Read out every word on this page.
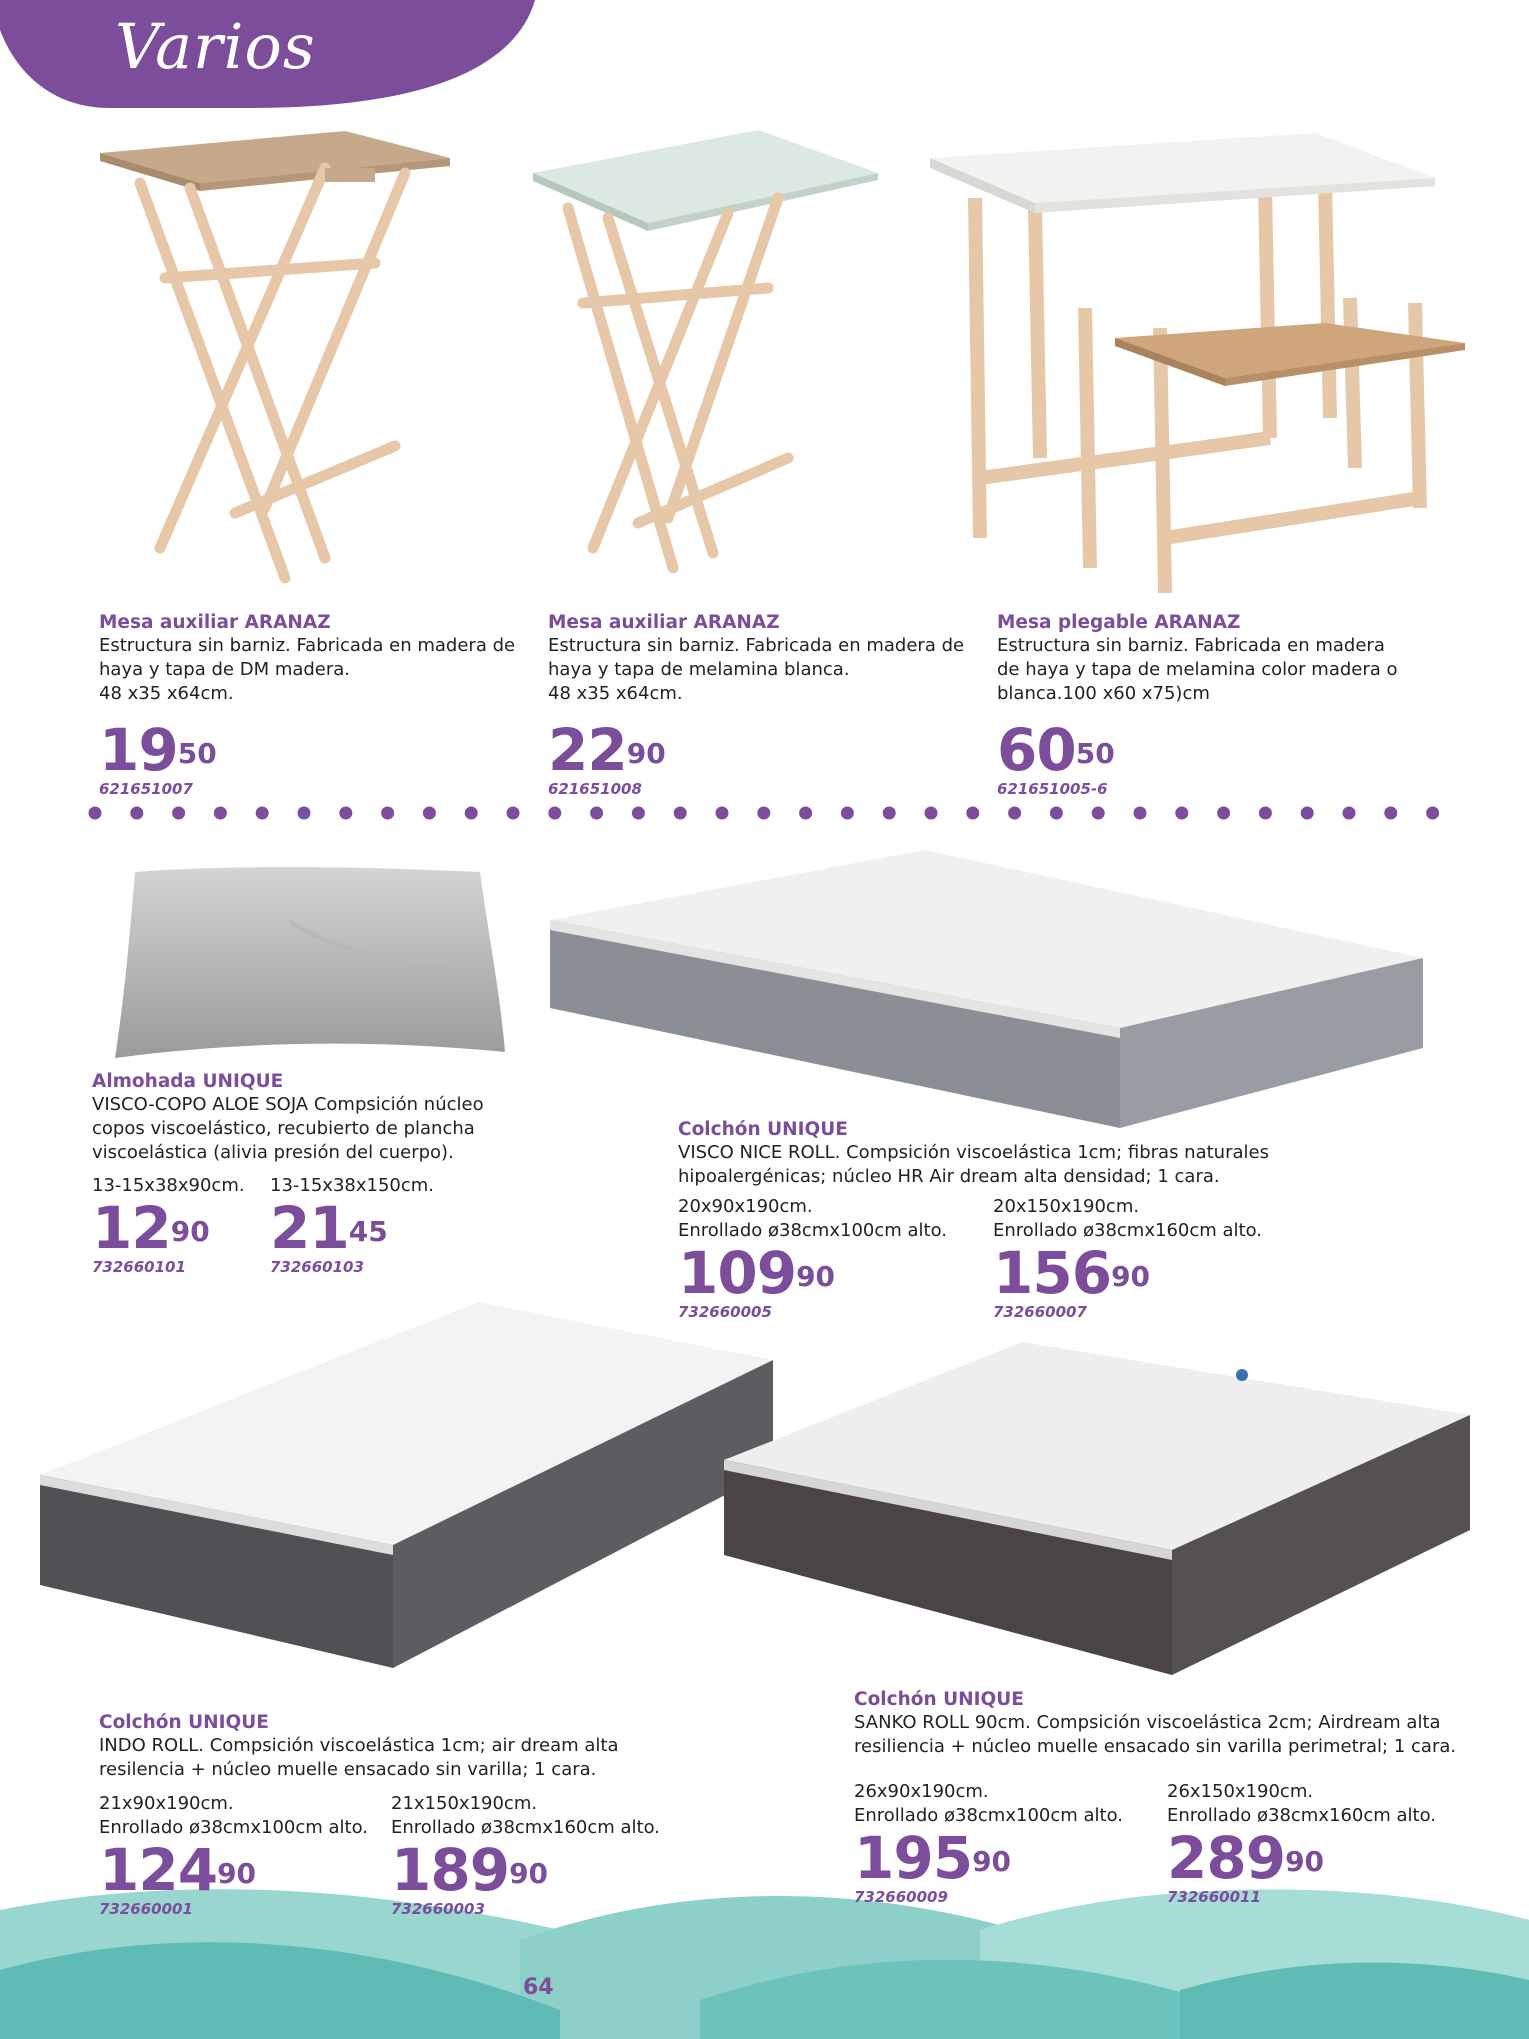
Varios
Mesa auxiliar ARANAZ
Estructura sin barniz. Fabricada en madera de
haya y tapa de DM madera.
48 x35 x64cm.
$19^{50}$
621651007
Mesa auxiliar ARANAZ
Estructura sin barniz. Fabricada en madera de
haya y tapa de melamina blanca.
48 x35 x64cm.
$22^{90}$
621651008
Mesa plegable ARANAZ
Estructura sin barniz. Fabricada en madera
de haya y tapa de melamina color madera o
blanca.100 x60 x75)cm
$60^{50}$
621651005-6
Almohada UNIQUE
VISCO-COPO ALOE SOJA Compsición núcleo
copos viscoelástico, recubierto de plancha
viscoelástica (alivia presión del cuerpo).
13-15x38x90cm.
$12^{90}$
732660101
13-15x38x150cm.
$21^{45}$
732660103
Colchón UNIQUE
VISCO NICE ROLL. Compsición viscoelástica 1cm; fibras naturales
hipoalergénicas; núcleo HR Air dream alta densidad; 1 cara.
20x90x190cm.
Enrollado ø38cmx100cm alto.
$109^{90}$
732660005
20x150x190cm.
Enrollado ø38cmx160cm alto.
$156^{90}$
732660007
Colchón UNIQUE
INDO ROLL. Compsición viscoelástica 1cm; air dream alta
resilencia + núcleo muelle ensacado sin varilla; 1 cara.
21x90x190cm.
Enrollado ø38cmx100cm alto.
$124^{90}$
732660001
21x150x190cm.
Enrollado ø38cmx160cm alto.
$189^{90}$
732660003
Colchón UNIQUE
SANKO ROLL 90cm. Compsición viscoelástica 2cm; Airdream alta
resiliencia + núcleo muelle ensacado sin varilla perimetral; 1 cara.
26x90x190cm.
Enrollado ø38cmx100cm alto.
$195^{90}$
732660009
26x150x190cm.
Enrollado ø38cmx160cm alto.
$289^{90}$
732660011
64
